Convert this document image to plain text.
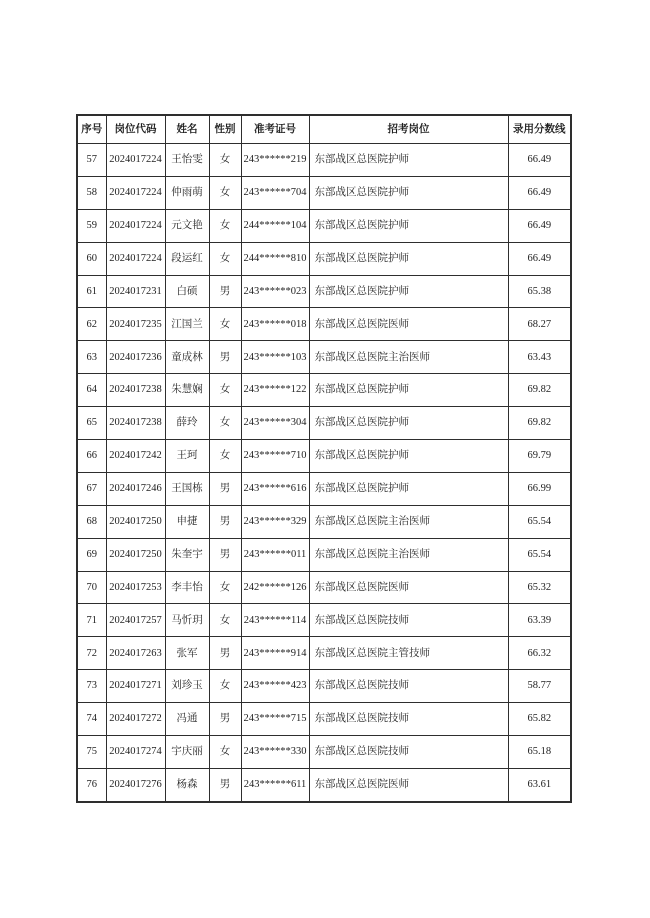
序号	岗位代码	姓名	性别	准考证号	招考岗位	录用分数线
57	2024017224	王怡雯	女	243******219	东部战区总医院护师	66.49
58	2024017224	仲雨萌	女	243******704	东部战区总医院护师	66.49
59	2024017224	元文艳	女	244******104	东部战区总医院护师	66.49
60	2024017224	段运红	女	244******810	东部战区总医院护师	66.49
61	2024017231	白硕	男	243******023	东部战区总医院护师	65.38
62	2024017235	江国兰	女	243******018	东部战区总医院医师	68.27
63	2024017236	童成林	男	243******103	东部战区总医院主治医师	63.43
64	2024017238	朱慧娴	女	243******122	东部战区总医院护师	69.82
65	2024017238	薛玲	女	243******304	东部战区总医院护师	69.82
66	2024017242	王珂	女	243******710	东部战区总医院护师	69.79
67	2024017246	王国栋	男	243******616	东部战区总医院护师	66.99
68	2024017250	申捷	男	243******329	东部战区总医院主治医师	65.54
69	2024017250	朱奎宇	男	243******011	东部战区总医院主治医师	65.54
70	2024017253	李丰怡	女	242******126	东部战区总医院医师	65.32
71	2024017257	马忻玥	女	243******114	东部战区总医院技师	63.39
72	2024017263	张军	男	243******914	东部战区总医院主管技师	66.32
73	2024017271	刘珍玉	女	243******423	东部战区总医院技师	58.77
74	2024017272	冯通	男	243******715	东部战区总医院技师	65.82
75	2024017274	宇庆丽	女	243******330	东部战区总医院技师	65.18
76	2024017276	杨森	男	243******611	东部战区总医院医师	63.61
